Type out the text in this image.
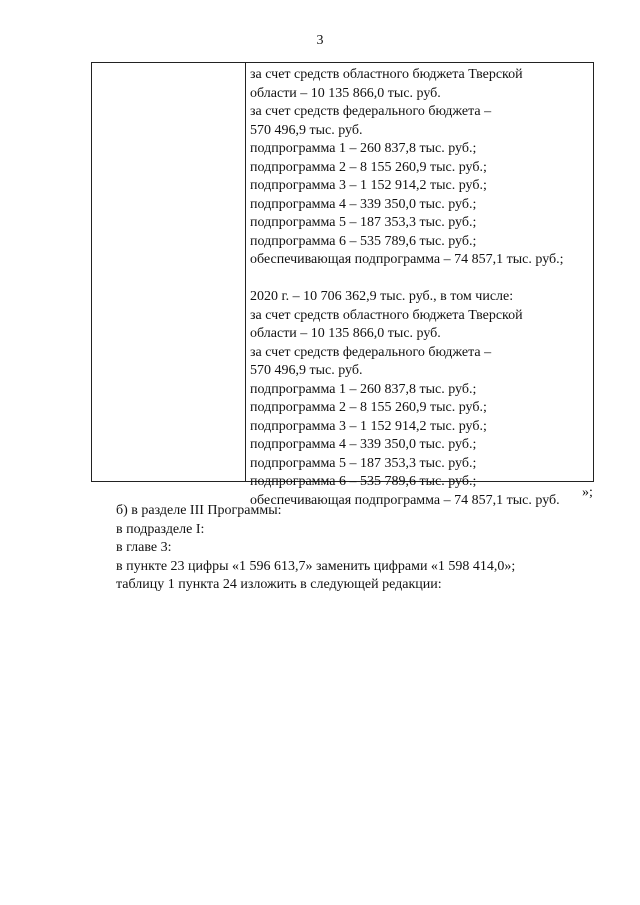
3
за счет средств областного бюджета Тверской
области – 10 135 866,0 тыс. руб.
за счет средств федерального бюджета –
570 496,9 тыс. руб.
подпрограмма 1 – 260 837,8 тыс. руб.;
подпрограмма 2 – 8 155 260,9 тыс. руб.;
подпрограмма 3 – 1 152 914,2 тыс. руб.;
подпрограмма 4 – 339 350,0 тыс. руб.;
подпрограмма 5 – 187 353,3 тыс. руб.;
подпрограмма 6 – 535 789,6 тыс. руб.;
обеспечивающая подпрограмма – 74 857,1 тыс. руб.;
2020 г. – 10 706 362,9 тыс. руб., в том числе:
за счет средств областного бюджета Тверской
области – 10 135 866,0 тыс. руб.
за счет средств федерального бюджета –
570 496,9 тыс. руб.
подпрограмма 1 – 260 837,8 тыс. руб.;
подпрограмма 2 – 8 155 260,9 тыс. руб.;
подпрограмма 3 – 1 152 914,2 тыс. руб.;
подпрограмма 4 – 339 350,0 тыс. руб.;
подпрограмма 5 – 187 353,3 тыс. руб.;
подпрограмма 6 – 535 789,6 тыс. руб.;
обеспечивающая подпрограмма – 74 857,1 тыс. руб.	»;
б) в разделе III Программы:
в подразделе I:
в главе 3:
в пункте 23 цифры «1 596 613,7» заменить цифрами «1 598 414,0»;
таблицу 1 пункта 24 изложить в следующей редакции:
